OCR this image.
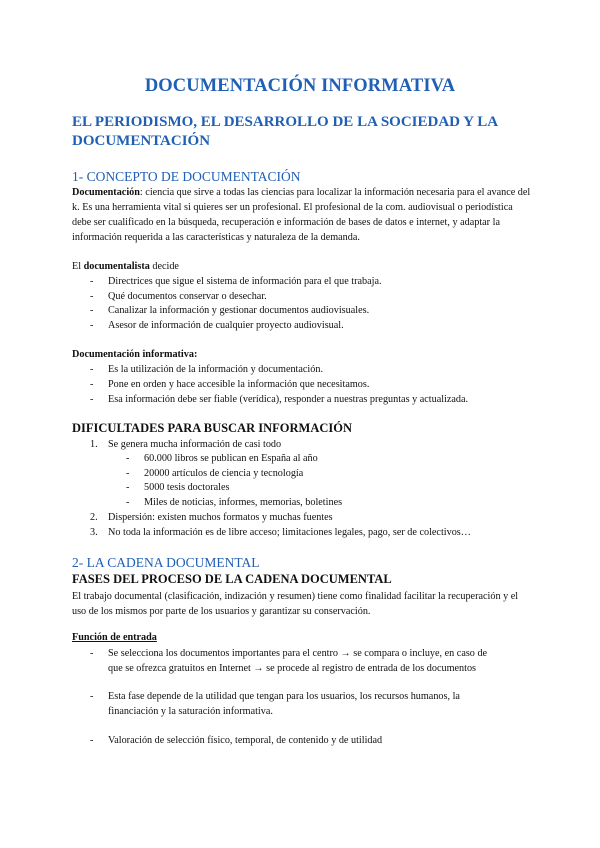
DOCUMENTACIÓN INFORMATIVA
EL PERIODISMO, EL DESARROLLO DE LA SOCIEDAD Y LA DOCUMENTACIÓN
1- CONCEPTO DE DOCUMENTACIÓN
Documentación: ciencia que sirve a todas las ciencias para localizar la información necesaria para el avance del k. Es una herramienta vital si quieres ser un profesional. El profesional de la com. audiovisual o periodística debe ser cualificado en la búsqueda, recuperación e información de bases de datos e internet, y adaptar la información requerida a las características y naturaleza de la demanda.
El documentalista decide
- Directrices que sigue el sistema de información para el que trabaja.
- Qué documentos conservar o desechar.
- Canalizar la información y gestionar documentos audiovisuales.
- Asesor de información de cualquier proyecto audiovisual.
Documentación informativa:
- Es la utilización de la información y documentación.
- Pone en orden y hace accesible la información que necesitamos.
- Esa información debe ser fiable (verídica), responder a nuestras preguntas y actualizada.
DIFICULTADES PARA BUSCAR INFORMACIÓN
1. Se genera mucha información de casi todo
- 60.000 libros se publican en España al año
- 20000 artículos de ciencia y tecnología
- 5000 tesis doctorales
- Miles de noticias, informes, memorias, boletines
2. Dispersión: existen muchos formatos y muchas fuentes
3. No toda la información es de libre acceso; limitaciones legales, pago, ser de colectivos…
2- LA CADENA DOCUMENTAL
FASES DEL PROCESO DE LA CADENA DOCUMENTAL
El trabajo documental (clasificación, indización y resumen) tiene como finalidad facilitar la recuperación y el uso de los mismos por parte de los usuarios y garantizar su conservación.
Función de entrada
- Se selecciona los documentos importantes para el centro → se compara o incluye, en caso de
que se ofrezca gratuitos en Internet → se procede al registro de entrada de los documentos
- Esta fase depende de la utilidad que tengan para los usuarios, los recursos humanos, la
financiación y la saturación informativa.
- Valoración de selección físico, temporal, de contenido y de utilidad
